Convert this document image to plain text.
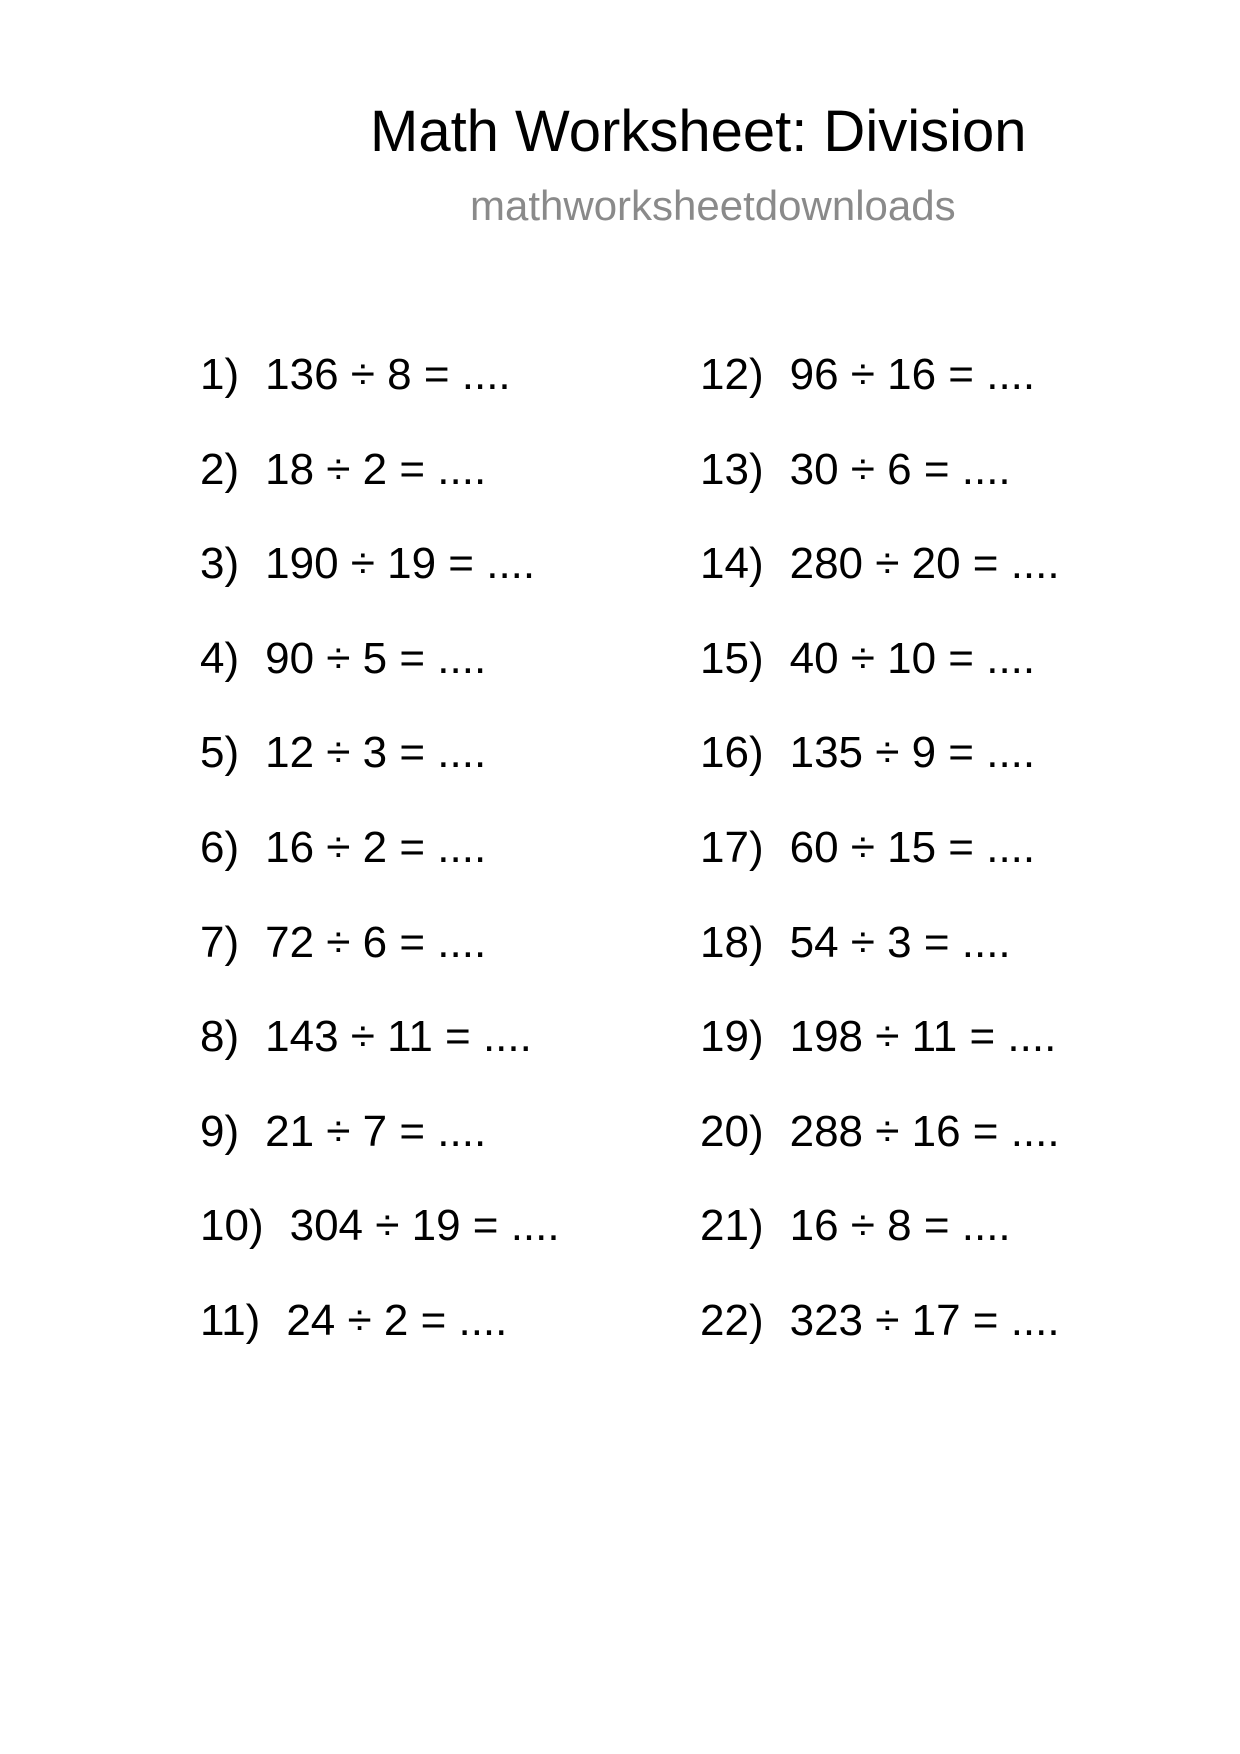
Math Worksheet: Division
mathworksheetdownloads
1) 136 ÷ 8 = ....
2) 18 ÷ 2 = ....
3) 190 ÷ 19 = ....
4) 90 ÷ 5 = ....
5) 12 ÷ 3 = ....
6) 16 ÷ 2 = ....
7) 72 ÷ 6 = ....
8) 143 ÷ 11 = ....
9) 21 ÷ 7 = ....
10) 304 ÷ 19 = ....
11) 24 ÷ 2 = ....
12) 96 ÷ 16 = ....
13) 30 ÷ 6 = ....
14) 280 ÷ 20 = ....
15) 40 ÷ 10 = ....
16) 135 ÷ 9 = ....
17) 60 ÷ 15 = ....
18) 54 ÷ 3 = ....
19) 198 ÷ 11 = ....
20) 288 ÷ 16 = ....
21) 16 ÷ 8 = ....
22) 323 ÷ 17 = ....
